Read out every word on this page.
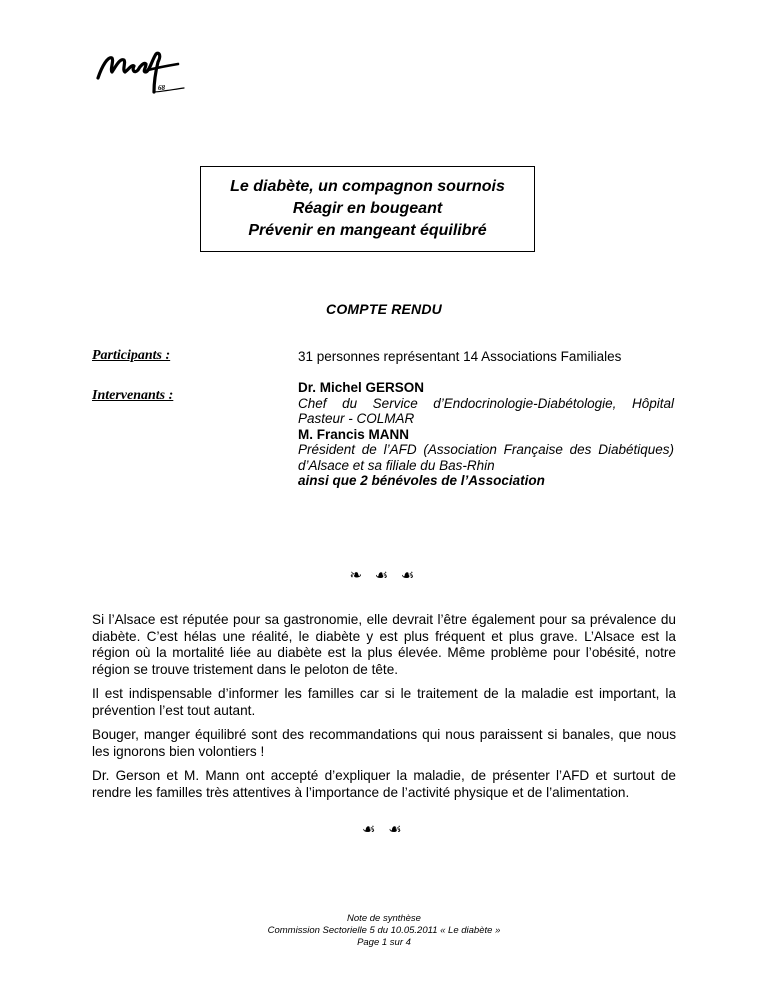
68
Le diabète, un compagnon sournois
Réagir en bougeant
Prévenir en mangeant équilibré
COMPTE RENDU
Participants :	31 personnes représentant 14 Associations Familiales
Intervenants :
Dr. Michel GERSON
Chef du Service d’Endocrinologie-Diabétologie, Hôpital
Pasteur - COLMAR
M. Francis MANN
Président de l’AFD (Association Française des Diabétiques)
d’Alsace et sa filiale du Bas-Rhin
ainsi que 2 bénévoles de l’Association
❧ ☙ ☙

Si l’Alsace est réputée pour sa gastronomie, elle devrait l’être également pour sa prévalence du diabète. C’est hélas une réalité, le diabète y est plus fréquent et plus grave. L’Alsace est la région où la mortalité liée au diabète est la plus élevée. Même problème pour l’obésité, notre région se trouve tristement dans le peloton de tête.

Il est indispensable d’informer les familles car si le traitement de la maladie est important, la prévention l’est tout autant.

Bouger, manger équilibré sont des recommandations qui nous paraissent si banales, que nous les ignorons bien volontiers !

Dr. Gerson et M. Mann ont accepté d’expliquer la maladie, de présenter l’AFD et surtout de rendre les familles très attentives à l’importance de l’activité physique et de l’alimentation.

☙ ☙
Note de synthèse
Commission Sectorielle 5 du 10.05.2011 « Le diabète »
Page 1 sur 4
